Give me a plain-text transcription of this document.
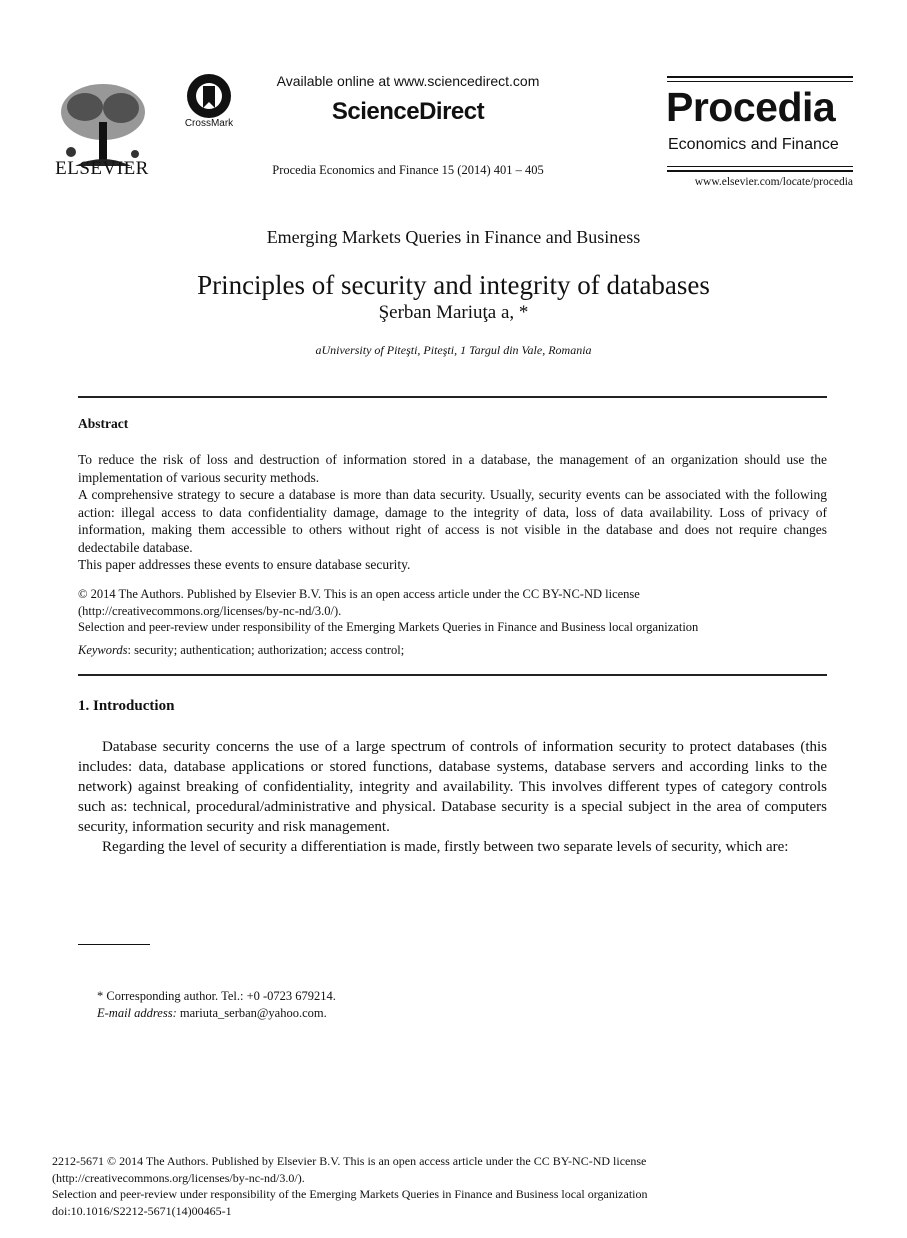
ELSEVIER
CrossMark
Available online at www.sciencedirect.com
ScienceDirect
Procedia Economics and Finance 15 (2014) 401 – 405
Procedia
Economics and Finance
www.elsevier.com/locate/procedia
Emerging Markets Queries in Finance and Business
Principles of security and integrity of databases
Şerban Mariuţa a, *
aUniversity of Piteşti, Piteşti, 1 Targul din Vale, Romania
Abstract

To reduce the risk of loss and destruction of information stored in a database, the management of an organization should use the implementation of various security methods.

A comprehensive strategy to secure a database is more than data security. Usually, security events can be associated with the following action: illegal access to data confidentiality damage, damage to the integrity of data, loss of data availability. Loss of privacy of information, making them accessible to others without right of access is not visible in the database and does not require changes dedectabile database.

This paper addresses these events to ensure database security.

© 2014 The Authors. Published by Elsevier B.V. This is an open access article under the CC BY-NC-ND license

(http://creativecommons.org/licenses/by-nc-nd/3.0/).

Selection and peer-review under responsibility of the Emerging Markets Queries in Finance and Business local organization

Keywords: security; authentication; authorization; access control;
1. Introduction

Database security concerns the use of a large spectrum of controls of information security to protect databases (this includes: data, database applications or stored functions, database systems, database servers and according links to the network) against breaking of confidentiality, integrity and availability. This involves different types of category controls such as: technical, procedural/administrative and physical. Database security is a special subject in the area of computers security, information security and risk management.

Regarding the level of security a differentiation is made, firstly between two separate levels of security, which are:

* Corresponding author. Tel.: +0 -0723 679214.

E-mail address: mariuta_serban@yahoo.com.

2212-5671 © 2014 The Authors. Published by Elsevier B.V. This is an open access article under the CC BY-NC-ND license

(http://creativecommons.org/licenses/by-nc-nd/3.0/).

Selection and peer-review under responsibility of the Emerging Markets Queries in Finance and Business local organization

doi:10.1016/S2212-5671(14)00465-1
